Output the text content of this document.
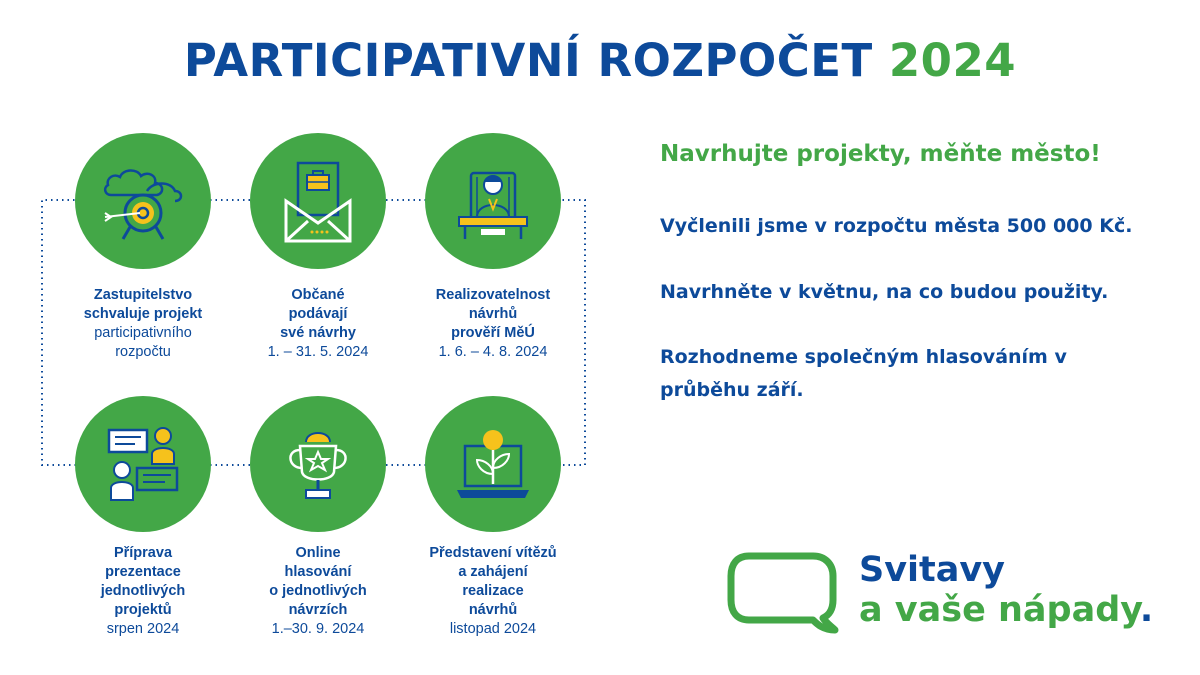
PARTICIPATIVNÍ ROZPOČET 2024
Zastupitelstvo
schvaluje projekt
participativního
rozpočtu
Občané
podávají
své návrhy
1. – 31. 5. 2024
Realizovatelnost
návrhů
prověří MěÚ
1. 6. – 4. 8. 2024
Příprava
prezentace
jednotlivých
projektů
srpen 2024
Online
hlasování
o jednotlivých
návrzích
1.–30. 9. 2024
Představení vítězů
a zahájení
realizace
návrhů
listopad 2024
Navrhujte projekty, měňte město!
Vyčlenili jsme v rozpočtu města 500 000 Kč.
Navrhněte v květnu, na co budou použity.
Rozhodneme společným hlasováním v
průběhu září.
Svitavy
a vaše nápady.
